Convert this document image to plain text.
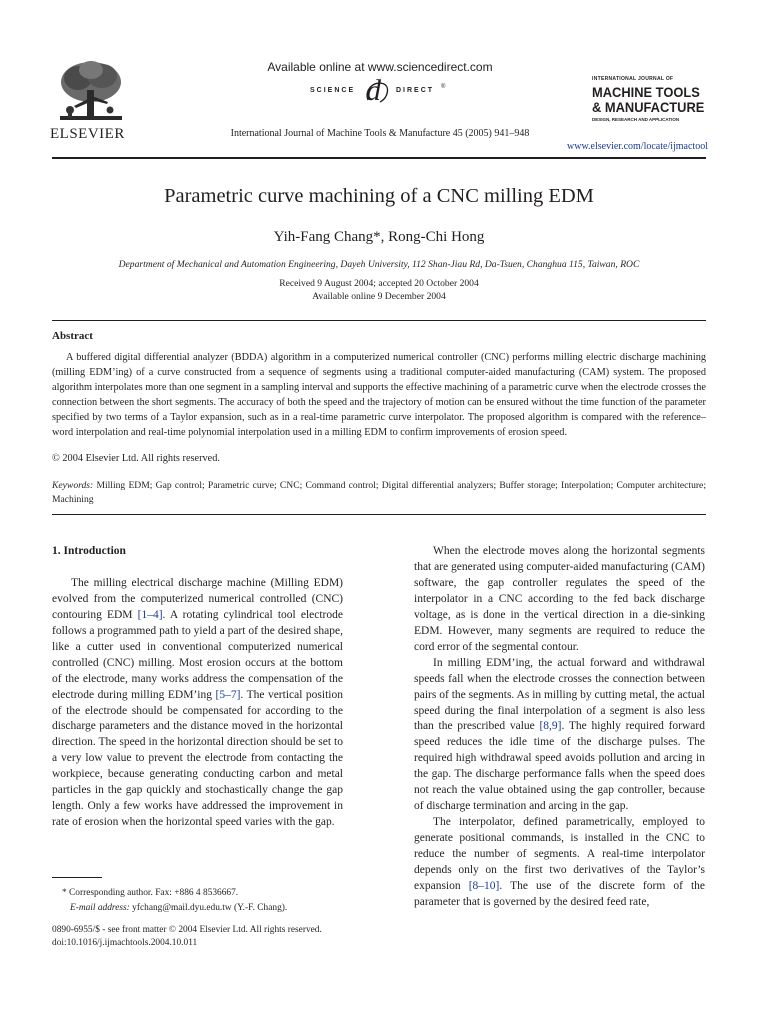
ELSEVIER
Available online at www.sciencedirect.com
SCIENCE d DIRECT ®
International Journal of Machine Tools & Manufacture 45 (2005) 941–948
INTERNATIONAL JOURNAL OF
MACHINE TOOLS
& MANUFACTURE
DESIGN, RESEARCH AND APPLICATION
www.elsevier.com/locate/ijmactool
Parametric curve machining of a CNC milling EDM
Yih-Fang Chang*, Rong-Chi Hong
Department of Mechanical and Automation Engineering, Dayeh University, 112 Shan-Jiau Rd, Da-Tsuen, Changhua 115, Taiwan, ROC
Received 9 August 2004; accepted 20 October 2004
Available online 9 December 2004
Abstract
A buffered digital differential analyzer (BDDA) algorithm in a computerized numerical controller (CNC) performs milling electric discharge machining (milling EDM’ing) of a curve constructed from a sequence of segments using a traditional computer-aided manufacturing (CAM) system. The proposed algorithm interpolates more than one segment in a sampling interval and supports the effective machining of a parametric curve when the electrode crosses the connection between the short segments. The accuracy of both the speed and the trajectory of motion can be ensured without the time function of the parameter specified by two terms of a Taylor expansion, such as in a real-time parametric curve interpolator. The proposed algorithm is compared with the reference–word interpolation and real-time polynomial interpolation used in a milling EDM to confirm improvements of erosion speed.
© 2004 Elsevier Ltd. All rights reserved.
Keywords: Milling EDM; Gap control; Parametric curve; CNC; Command control; Digital differential analyzers; Buffer storage; Interpolation; Computer architecture; Machining
1. Introduction

The milling electrical discharge machine (Milling EDM) evolved from the computerized numerical controlled (CNC) contouring EDM [1–4]. A rotating cylindrical tool electrode follows a programmed path to yield a part of the desired shape, like a cutter used in conventional computerized numerical controlled (CNC) milling. Most erosion occurs at the bottom of the electrode, many works address the compensation of the electrode during milling EDM’ing [5–7]. The vertical position of the electrode should be compensated for according to the discharge parameters and the distance moved in the horizontal direction. The speed in the horizontal direction should be set to a very low value to prevent the electrode from contacting the workpiece, because generating conducting carbon and metal particles in the gap quickly and stochastically change the gap length. Only a few works have addressed the improvement in rate of erosion when the horizontal speed varies with the gap.

* Corresponding author. Fax: +886 4 8536667.
E-mail address: yfchang@mail.dyu.edu.tw (Y.-F. Chang).
0890-6955/$ - see front matter © 2004 Elsevier Ltd. All rights reserved.
doi:10.1016/j.ijmachtools.2004.10.011

When the electrode moves along the horizontal segments that are generated using computer-aided manufacturing (CAM) software, the gap controller regulates the speed of the interpolator in a CNC according to the fed back discharge voltage, as is done in the vertical direction in a die-sinking EDM. However, many segments are required to reduce the cord error of the segmental contour.

In milling EDM’ing, the actual forward and withdrawal speeds fall when the electrode crosses the connection between pairs of the segments. As in milling by cutting metal, the actual speed during the final interpolation of a segment is also less than the prescribed value [8,9]. The highly required forward speed reduces the idle time of the discharge pulses. The required high withdrawal speed avoids pollution and arcing in the gap. The discharge performance falls when the speed does not reach the value obtained using the gap controller, because of discharge termination and arcing in the gap.

The interpolator, defined parametrically, employed to generate positional commands, is installed in the CNC to reduce the number of segments. A real-time interpolator depends only on the first two derivatives of the Taylor’s expansion [8–10]. The use of the discrete form of the parameter that is governed by the desired feed rate,
